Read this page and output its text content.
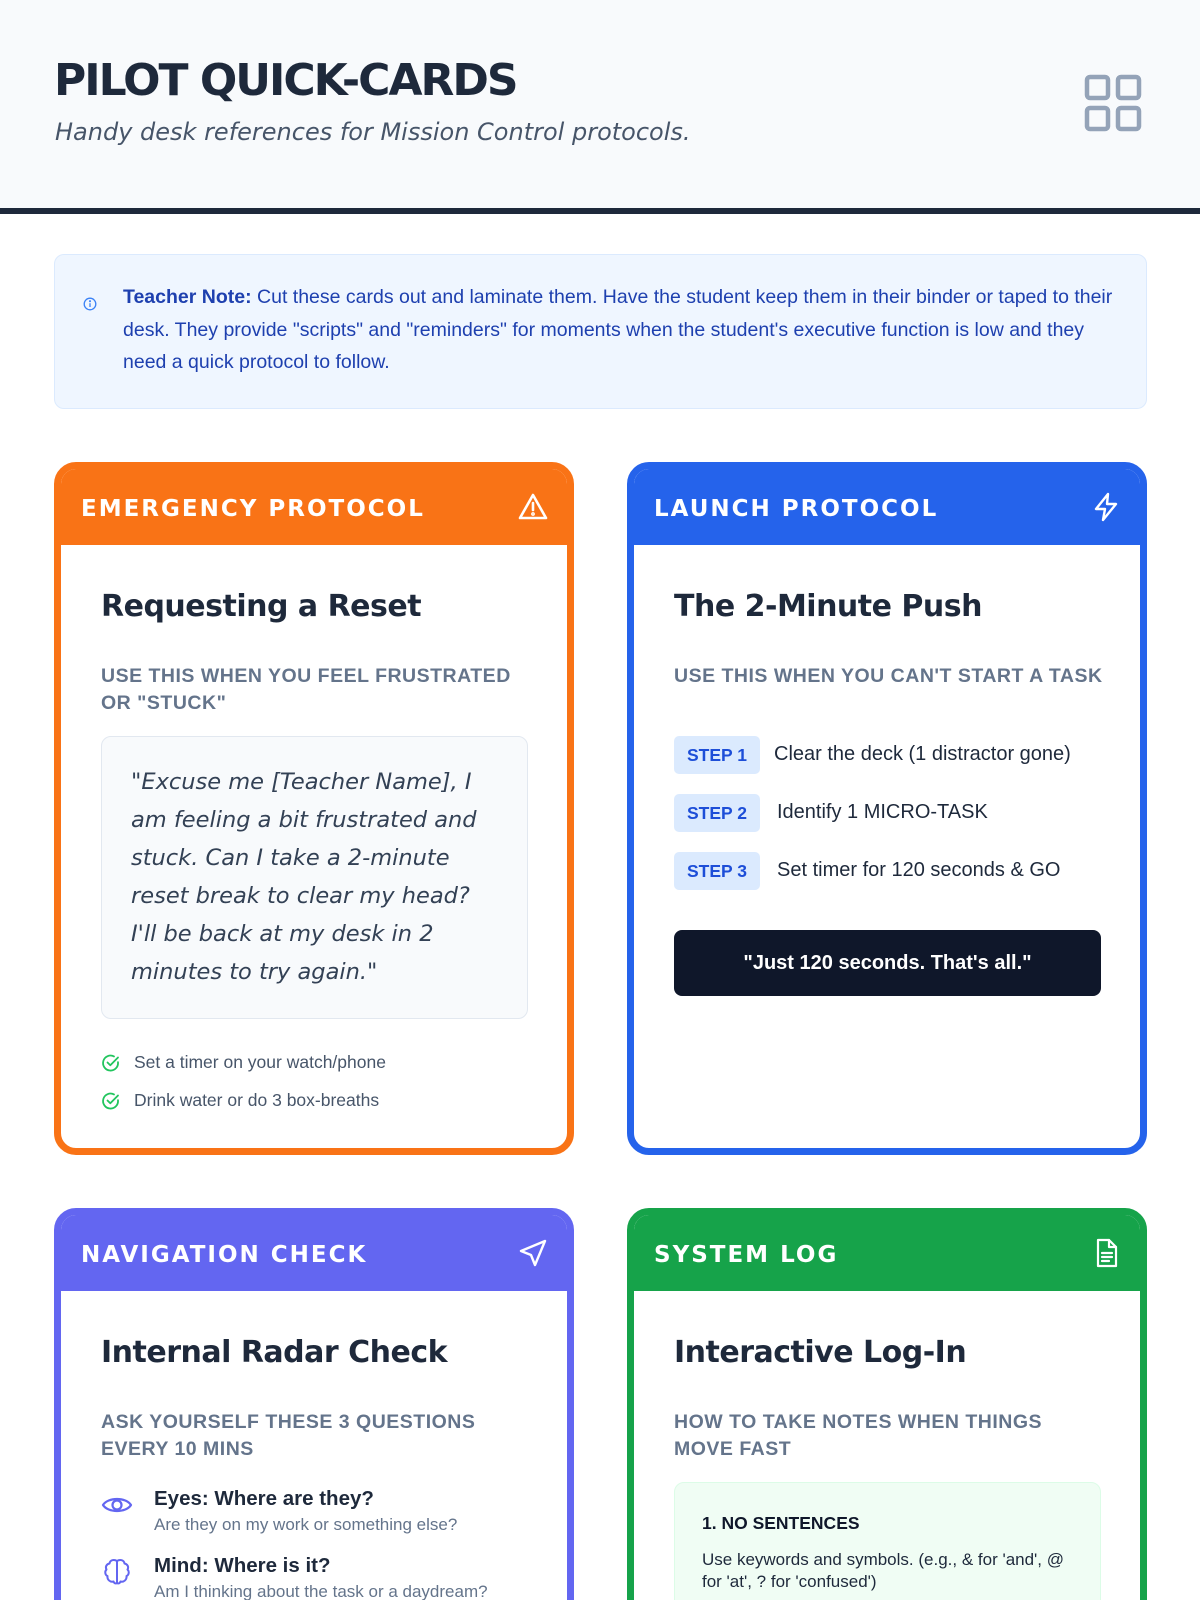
PILOT QUICK-CARDS
Handy desk references for Mission Control protocols.
Teacher Note: Cut these cards out and laminate them. Have the student keep them in their binder or taped to their desk. They provide "scripts" and "reminders" for moments when the student's executive function is low and they need a quick protocol to follow.
EMERGENCY PROTOCOL
Requesting a Reset
USE THIS WHEN YOU FEEL FRUSTRATED OR "STUCK"
"Excuse me [Teacher Name], I am feeling a bit frustrated and stuck. Can I take a 2-minute reset break to clear my head? I'll be back at my desk in 2 minutes to try again."
Set a timer on your watch/phone
Drink water or do 3 box-breaths
LAUNCH PROTOCOL
The 2-Minute Push
USE THIS WHEN YOU CAN'T START A TASK
STEP 1	Clear the deck (1 distractor gone)
STEP 2	Identify 1 MICRO-TASK
STEP 3	Set timer for 120 seconds & GO
"Just 120 seconds. That's all."
NAVIGATION CHECK
Internal Radar Check
ASK YOURSELF THESE 3 QUESTIONS EVERY 10 MINS
Eyes: Where are they?
Are they on my work or something else?
Mind: Where is it?
Am I thinking about the task or a daydream?
SYSTEM LOG
Interactive Log-In
HOW TO TAKE NOTES WHEN THINGS MOVE FAST
1. NO SENTENCES
Use keywords and symbols. (e.g., & for 'and', @ for 'at', ? for 'confused')
